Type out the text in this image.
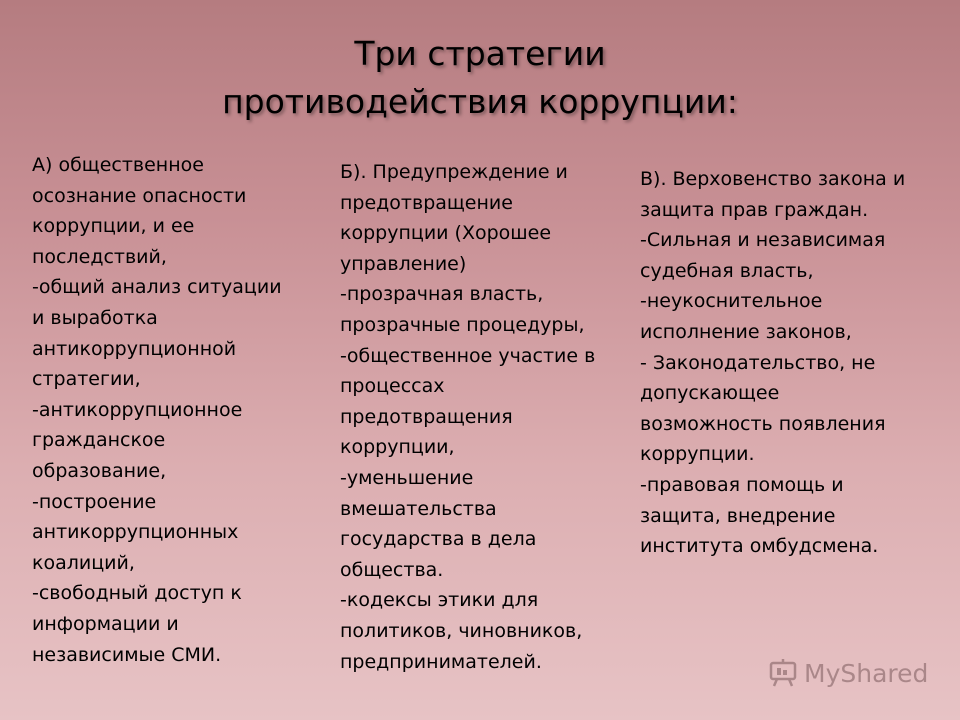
Три стратегии
противодействия коррупции:
А) общественное
осознание опасности
коррупции, и ее
последствий,
-общий анализ ситуации
и выработка
антикоррупционной
стратегии,
-антикоррупционное
гражданское
образование,
-построение
антикоррупционных
коалиций,
-свободный доступ к
информации и
независимые СМИ.
Б). Предупреждение и
предотвращение
коррупции (Хорошее
управление)
-прозрачная власть,
прозрачные процедуры,
-общественное участие в
процессах
предотвращения
коррупции,
-уменьшение
вмешательства
государства в дела
общества.
-кодексы этики для
политиков, чиновников,
предпринимателей.
В). Верховенство закона и
защита прав граждан.
-Сильная и независимая
судебная власть,
-неукоснительное
исполнение законов,
- Законодательство, не
допускающее
возможность появления
коррупции.
-правовая помощь и
защита, внедрение
института омбудсмена.
MyShared
